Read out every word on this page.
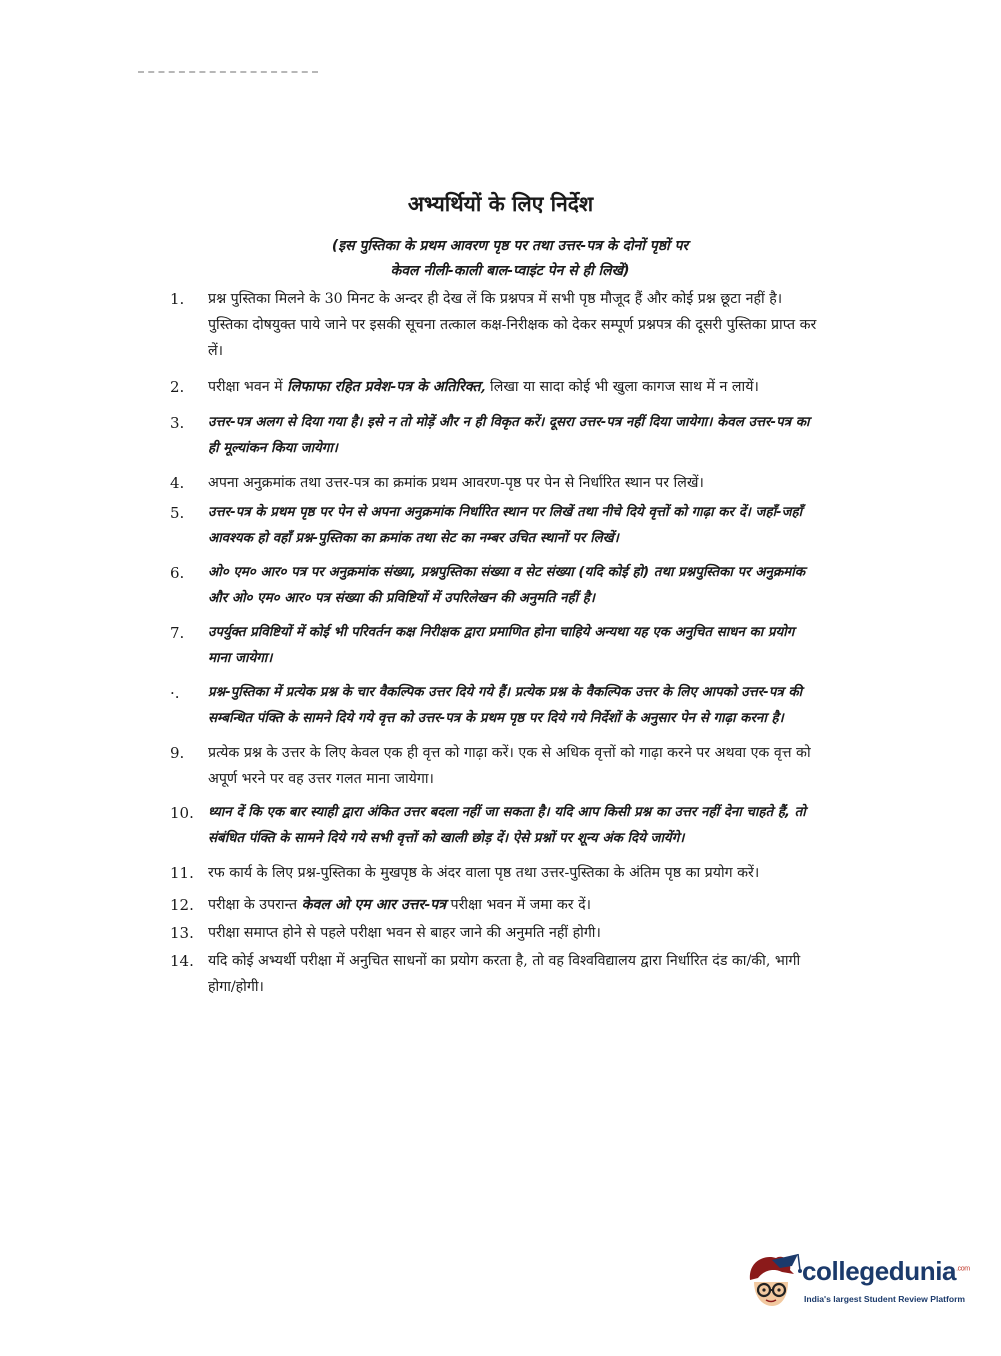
अभ्यर्थियों के लिए निर्देश
(इस पुस्तिका के प्रथम आवरण पृष्ठ पर तथा उत्तर-पत्र के दोनों पृष्ठों पर
केवल नीली-काली बाल-प्वाइंट पेन से ही लिखें)
1.	प्रश्न पुस्तिका मिलने के 30 मिनट के अन्दर ही देख लें कि प्रश्नपत्र में सभी पृष्ठ मौजूद हैं और कोई प्रश्न छूटा नहीं है। पुस्तिका दोषयुक्त पाये जाने पर इसकी सूचना तत्काल कक्ष-निरीक्षक को देकर सम्पूर्ण प्रश्नपत्र की दूसरी पुस्तिका प्राप्त कर लें।
2.	परीक्षा भवन में लिफाफा रहित प्रवेश-पत्र के अतिरिक्त, लिखा या सादा कोई भी खुला कागज साथ में न लायें।
3.	उत्तर-पत्र अलग से दिया गया है। इसे न तो मोड़ें और न ही विकृत करें। दूसरा उत्तर-पत्र नहीं दिया जायेगा। केवल उत्तर-पत्र का ही मूल्यांकन किया जायेगा।
4.	अपना अनुक्रमांक तथा उत्तर-पत्र का क्रमांक प्रथम आवरण-पृष्ठ पर पेन से निर्धारित स्थान पर लिखें।
5.	उत्तर-पत्र के प्रथम पृष्ठ पर पेन से अपना अनुक्रमांक निर्धारित स्थान पर लिखें तथा नीचे दिये वृत्तों को गाढ़ा कर दें। जहाँ-जहाँ आवश्यक हो वहाँ प्रश्न-पुस्तिका का क्रमांक तथा सेट का नम्बर उचित स्थानों पर लिखें।
6.	ओ० एम० आर० पत्र पर अनुक्रमांक संख्या, प्रश्नपुस्तिका संख्या व सेट संख्या (यदि कोई हो) तथा प्रश्नपुस्तिका पर अनुक्रमांक और ओ० एम० आर० पत्र संख्या की प्रविष्टियों में उपरिलेखन की अनुमति नहीं है।
7.	उपर्युक्त प्रविष्टियों में कोई भी परिवर्तन कक्ष निरीक्षक द्वारा प्रमाणित होना चाहिये अन्यथा यह एक अनुचित साधन का प्रयोग माना जायेगा।
·.	प्रश्न-पुस्तिका में प्रत्येक प्रश्न के चार वैकल्पिक उत्तर दिये गये हैं। प्रत्येक प्रश्न के वैकल्पिक उत्तर के लिए आपको उत्तर-पत्र की सम्बन्धित पंक्ति के सामने दिये गये वृत्त को उत्तर-पत्र के प्रथम पृष्ठ पर दिये गये निर्देशों के अनुसार पेन से गाढ़ा करना है।
9.	प्रत्येक प्रश्न के उत्तर के लिए केवल एक ही वृत्त को गाढ़ा करें। एक से अधिक वृत्तों को गाढ़ा करने पर अथवा एक वृत्त को अपूर्ण भरने पर वह उत्तर गलत माना जायेगा।
10.	ध्यान दें कि एक बार स्याही द्वारा अंकित उत्तर बदला नहीं जा सकता है। यदि आप किसी प्रश्न का उत्तर नहीं देना चाहते हैं, तो संबंधित पंक्ति के सामने दिये गये सभी वृत्तों को खाली छोड़ दें। ऐसे प्रश्नों पर शून्य अंक दिये जायेंगे।
11. रफ कार्य के लिए प्रश्न-पुस्तिका के मुखपृष्ठ के अंदर वाला पृष्ठ तथा उत्तर-पुस्तिका के अंतिम पृष्ठ का प्रयोग करें।
12. परीक्षा के उपरान्त केवल ओ एम आर उत्तर-पत्र परीक्षा भवन में जमा कर दें।
13. परीक्षा समाप्त होने से पहले परीक्षा भवन से बाहर जाने की अनुमति नहीं होगी।
14. यदि कोई अभ्यर्थी परीक्षा में अनुचित साधनों का प्रयोग करता है, तो वह विश्वविद्यालय द्वारा निर्धारित दंड का/की, भागी होगा/होगी।
collegedunia$^{.com}$
India's largest Student Review Platform
